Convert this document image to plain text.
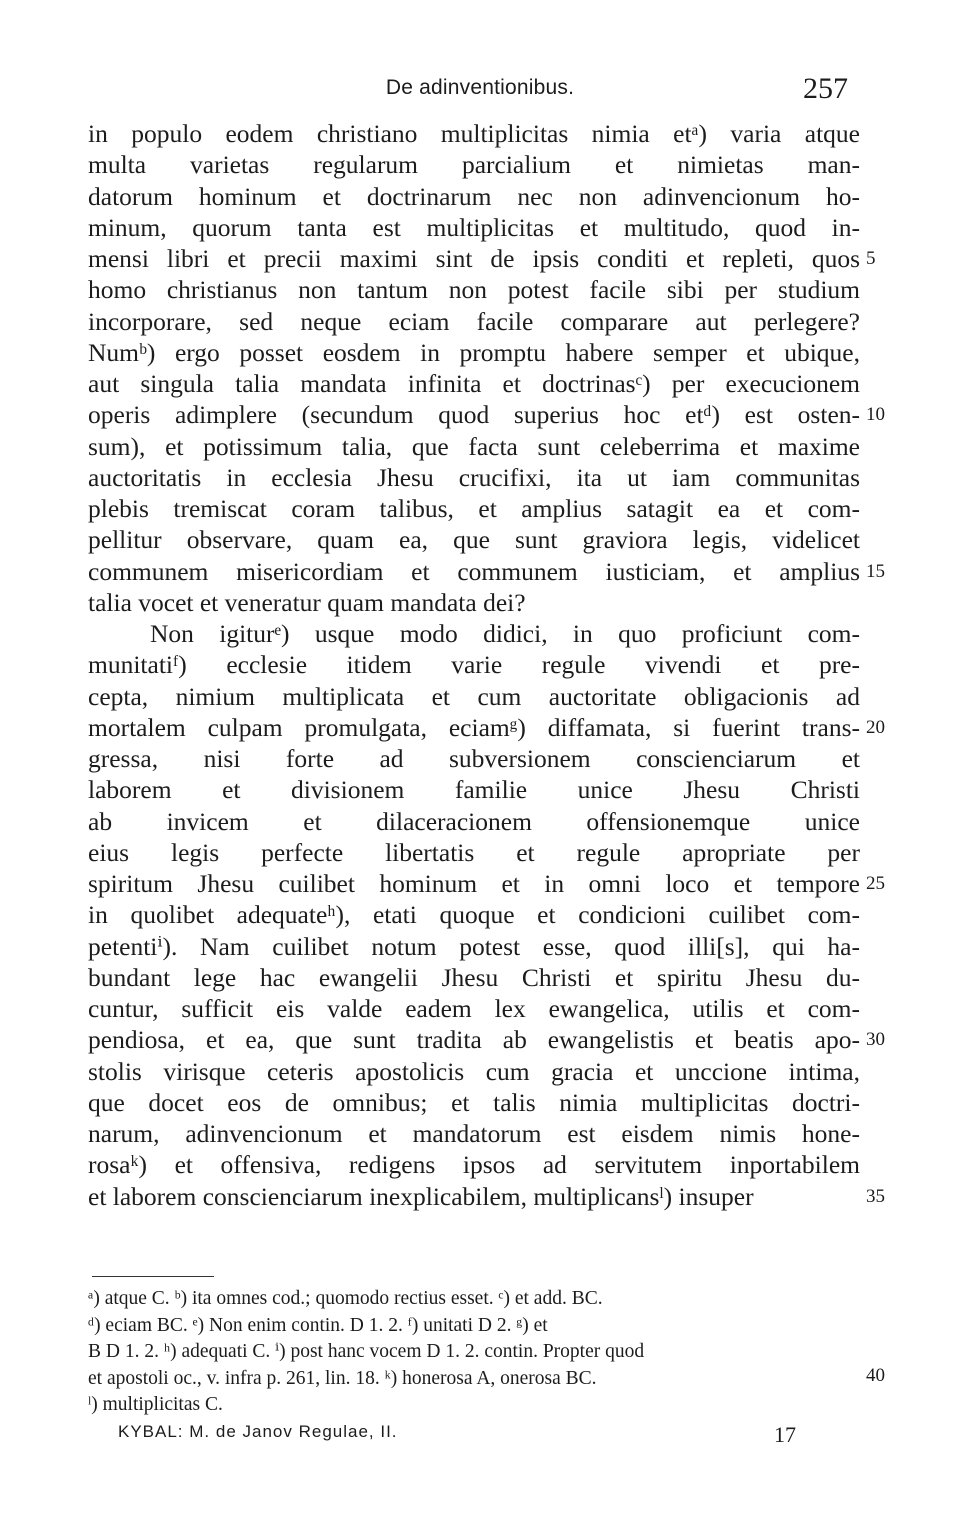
De adinventionibus.	257
in populo eodem christiano multiplicitas nimia etᵃ) varia atque
multa varietas regularum parcialium et nimietas man-
datorum hominum et doctrinarum nec non adinvencionum ho-
minum, quorum tanta est multiplicitas et multitudo, quod in-
mensi libri et precii maximi sint de ipsis conditi et repleti, quos
homo christianus non tantum non potest facile sibi per studium
incorporare, sed neque eciam facile comparare aut perlegere?
Numᵇ) ergo posset eosdem in promptu habere semper et ubique,
aut singula talia mandata infinita et doctrinasᶜ) per execucionem
operis adimplere (secundum quod superius hoc etᵈ) est osten-
sum), et potissimum talia, que facta sunt celeberrima et maxime
auctoritatis in ecclesia Jhesu crucifixi, ita ut iam communitas
plebis tremiscat coram talibus, et amplius satagit ea et com-
pellitur observare, quam ea, que sunt graviora legis, videlicet
communem misericordiam et communem iusticiam, et amplius
talia vocet et veneratur quam mandata dei?
Non igiturᵉ) usque modo didici, in quo proficiunt com-
munitatiᶠ) ecclesie itidem varie regule vivendi et pre-
cepta, nimium multiplicata et cum auctoritate obligacionis ad
mortalem culpam promulgata, eciamᵍ) diffamata, si fuerint trans-
gressa, nisi forte ad subversionem conscienciarum et
laborem et divisionem familie unice Jhesu Christi
ab invicem et dilaceracionem offensionemque unice
eius legis perfecte libertatis et regule apropriate per
spiritum Jhesu cuilibet hominum et in omni loco et tempore
in quolibet adequateʰ), etati quoque et condicioni cuilibet com-
petentiⁱ). Nam cuilibet notum potest esse, quod illi[s], qui ha-
bundant lege hac ewangelii Jhesu Christi et spiritu Jhesu du-
cuntur, sufficit eis valde eadem lex ewangelica, utilis et com-
pendiosa, et ea, que sunt tradita ab ewangelistis et beatis apo-
stolis virisque ceteris apostolicis cum gracia et unccione intima,
que docet eos de omnibus; et talis nimia multiplicitas doctri-
narum, adinvencionum et mandatorum est eisdem nimis hone-
rosaᵏ) et offensiva, redigens ipsos ad servitutem inportabilem
et laborem conscienciarum inexplicabilem, multiplicansˡ) insuper
5
10
15
20
25
30
35
ᵃ) atque C. ᵇ) ita omnes cod.; quomodo rectius esset. ᶜ) et add. BC.
ᵈ) eciam BC. ᵉ) Non enim contin. D 1. 2. ᶠ) unitati D 2. ᵍ) et
B D 1. 2. ʰ) adequati C. ⁱ) post hanc vocem D 1. 2. contin. Propter quod
et apostoli oc., v. infra p. 261, lin. 18. ᵏ) honerosa A, onerosa BC.
ˡ) multiplicitas C.
40
KYBAL: M. de Janov Regulae, II.	17
